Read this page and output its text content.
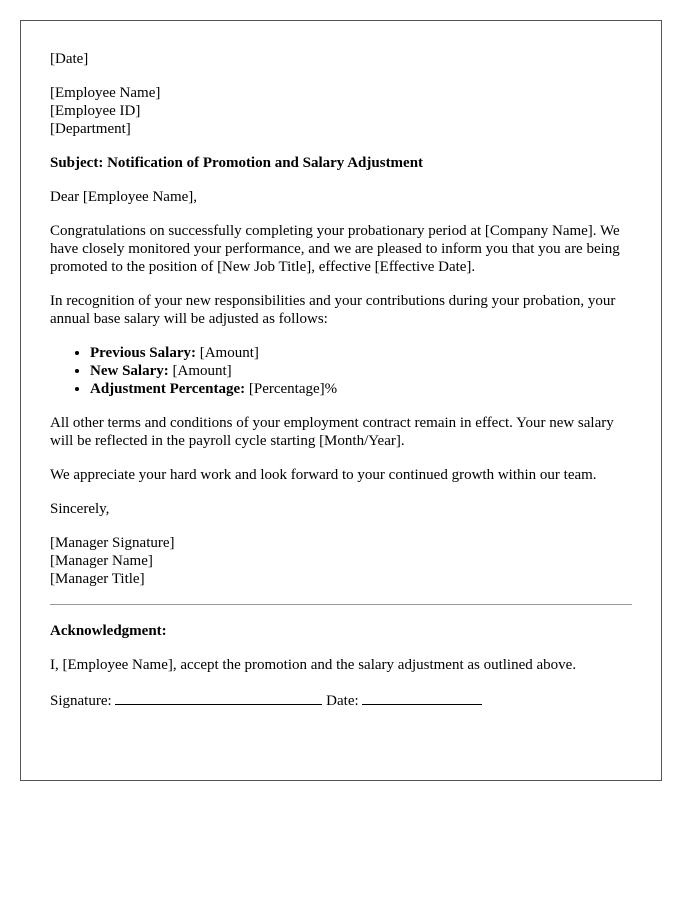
[Date]

[Employee Name]
[Employee ID]
[Department]

Subject: Notification of Promotion and Salary Adjustment

Dear [Employee Name],

Congratulations on successfully completing your probationary period at [Company Name]. We have closely monitored your performance, and we are pleased to inform you that you are being promoted to the position of [New Job Title], effective [Effective Date].

In recognition of your new responsibilities and your contributions during your probation, your annual base salary will be adjusted as follows:

• Previous Salary: [Amount]
• New Salary: [Amount]
• Adjustment Percentage: [Percentage]%

All other terms and conditions of your employment contract remain in effect. Your new salary will be reflected in the payroll cycle starting [Month/Year].

We appreciate your hard work and look forward to your continued growth within our team.

Sincerely,

[Manager Signature]
[Manager Name]
[Manager Title]

Acknowledgment:

I, [Employee Name], accept the promotion and the salary adjustment as outlined above.

Signature:	Date:
